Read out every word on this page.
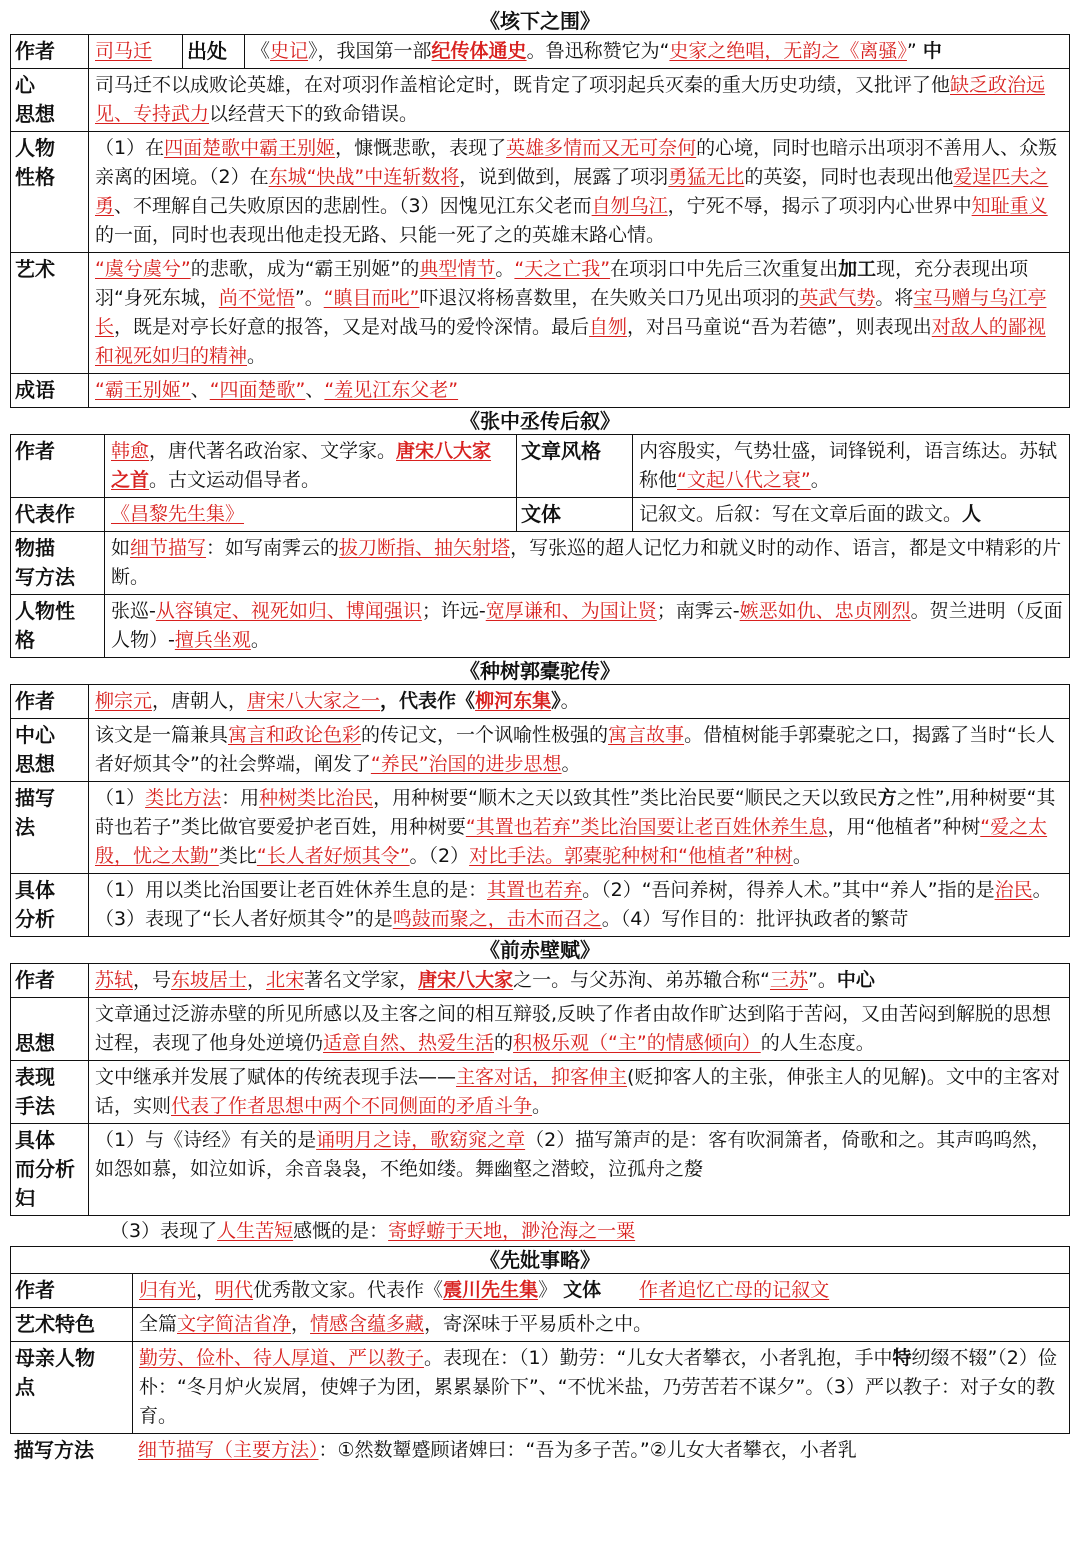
《垓下之围》
作者	司马迁	出处	《史记》，我国第一部纪传体通史。鲁迅称赞它为“史家之绝唱，无韵之《离骚》” 中
心
思想	司马迁不以成败论英雄，在对项羽作盖棺论定时，既肯定了项羽起兵灭秦的重大历史功绩，又批评了他缺乏政治远见、专持武力以经营天下的致命错误。		
人物
性格	（1）在四面楚歌中霸王别姬，慷慨悲歌，表现了英雄多情而又无可奈何的心境，同时也暗示出项羽不善用人、众叛亲离的困境。（2）在东城“快战”中连斩数将，说到做到，展露了项羽勇猛无比的英姿，同时也表现出他爱逞匹夫之勇、不理解自己失败原因的悲剧性。（3）因愧见江东父老而自刎乌江，宁死不辱，揭示了项羽内心世界中知耻重义的一面，同时也表现出他走投无路、只能一死了之的英雄末路心情。		
艺术	“虞兮虞兮”的悲歌，成为“霸王别姬”的典型情节。“天之亡我”在项羽口中先后三次重复出加工现，充分表现出项羽“身死东城，尚不觉悟”。“瞋目而叱”吓退汉将杨喜数里，在失败关口乃见出项羽的英武气势。将宝马赠与乌江亭长，既是对亭长好意的报答，又是对战马的爱怜深情。最后自刎，对吕马童说“吾为若德”，则表现出对敌人的鄙视和视死如归的精神。		
成语	“霸王别姬”、“四面楚歌”、“羞见江东父老”		
《张中丞传后叙》
作者	韩愈，唐代著名政治家、文学家。唐宋八大家之首。古文运动倡导者。	文章风格	内容殷实，气势壮盛，词锋锐利，语言练达。苏轼称他“文起八代之衰”。
代表作	《昌黎先生集》	文体	记叙文。后叙：写在文章后面的跋文。人
物描
写方法	如细节描写：如写南霁云的拔刀断指、抽矢射塔，写张巡的超人记忆力和就义时的动作、语言，都是文中精彩的片断。		
人物性
格	张巡-从容镇定、视死如归、博闻强识；许远-宽厚谦和、为国让贤；南霁云-嫉恶如仇、忠贞刚烈。贺兰进明（反面人物）-擅兵坐观。		
《种树郭橐驼传》
作者	柳宗元，唐朝人，唐宋八大家之一，代表作《柳河东集》。
中心
思想	该文是一篇兼具寓言和政论色彩的传记文，一个讽喻性极强的寓言故事。借植树能手郭橐驼之口，揭露了当时“长人者好烦其令”的社会弊端，阐发了“养民”治国的进步思想。
描写
法	（1）类比方法：用种树类比治民，用种树要“顺木之天以致其性”类比治民要“顺民之天以致民方之性”,用种树要“其莳也若子”类比做官要爱护老百姓，用种树要“其置也若弃”类比治国要让老百姓休养生息，用“他植者”种树“爱之太殷，忧之太勤”类比“长人者好烦其令”。（2）对比手法。郭橐驼种树和“他植者”种树。
具体
分析	（1）用以类比治国要让老百姓休养生息的是：其置也若弃。（2）“吾问养树，得养人术。”其中“养人”指的是治民。（3）表现了“长人者好烦其令”的是鸣鼓而聚之，击木而召之。（4）写作目的：批评执政者的繁苛
《前赤壁赋》
作者	苏轼，号东坡居士，北宋著名文学家，唐宋八大家之一。与父苏洵、弟苏辙合称“三苏”。中心

思想	文章通过泛游赤壁的所见所感以及主客之间的相互辩驳,反映了作者由故作旷达到陷于苦闷，又由苦闷到解脱的思想过程，表现了他身处逆境仍适意自然、热爱生活的积极乐观（“主”的情感倾向）的人生态度。
表现
手法	文中继承并发展了赋体的传统表现手法——主客对话，抑客伸主(贬抑客人的主张，伸张主人的见解)。文中的主客对话，实则代表了作者思想中两个不同侧面的矛盾斗争。
具体
而分析
妇	（1）与《诗经》有关的是诵明月之诗，歌窈窕之章（2）描写箫声的是：客有吹洞箫者，倚歌和之。其声呜呜然，如怨如慕，如泣如诉，余音袅袅，不绝如缕。舞幽壑之潜蛟，泣孤舟之嫠
（3）表现了人生苦短感慨的是：寄蜉蝣于天地，渺沧海之一粟
《先妣事略》	

作者	归有光，明代优秀散文家。代表作《震川先生集》 文体　　 作者追忆亡母的记叙文
艺术特色	全篇文字简洁省净，情感含蕴多藏，寄深味于平易质朴之中。
母亲人物
点	勤劳、俭朴、待人厚道、严以教子。表现在：（1）勤劳：“儿女大者攀衣，小者乳抱，手中特纫缀不辍”（2）俭朴：“冬月炉火炭屑，使婢子为团，累累暴阶下”、“不忧米盐，乃劳苦若不谋夕”。（3）严以教子：对子女的教育。
描写方法	细节描写（主要方法）：①然数颦蹙顾诸婢曰：“吾为多子苦。”②儿女大者攀衣，小者乳
